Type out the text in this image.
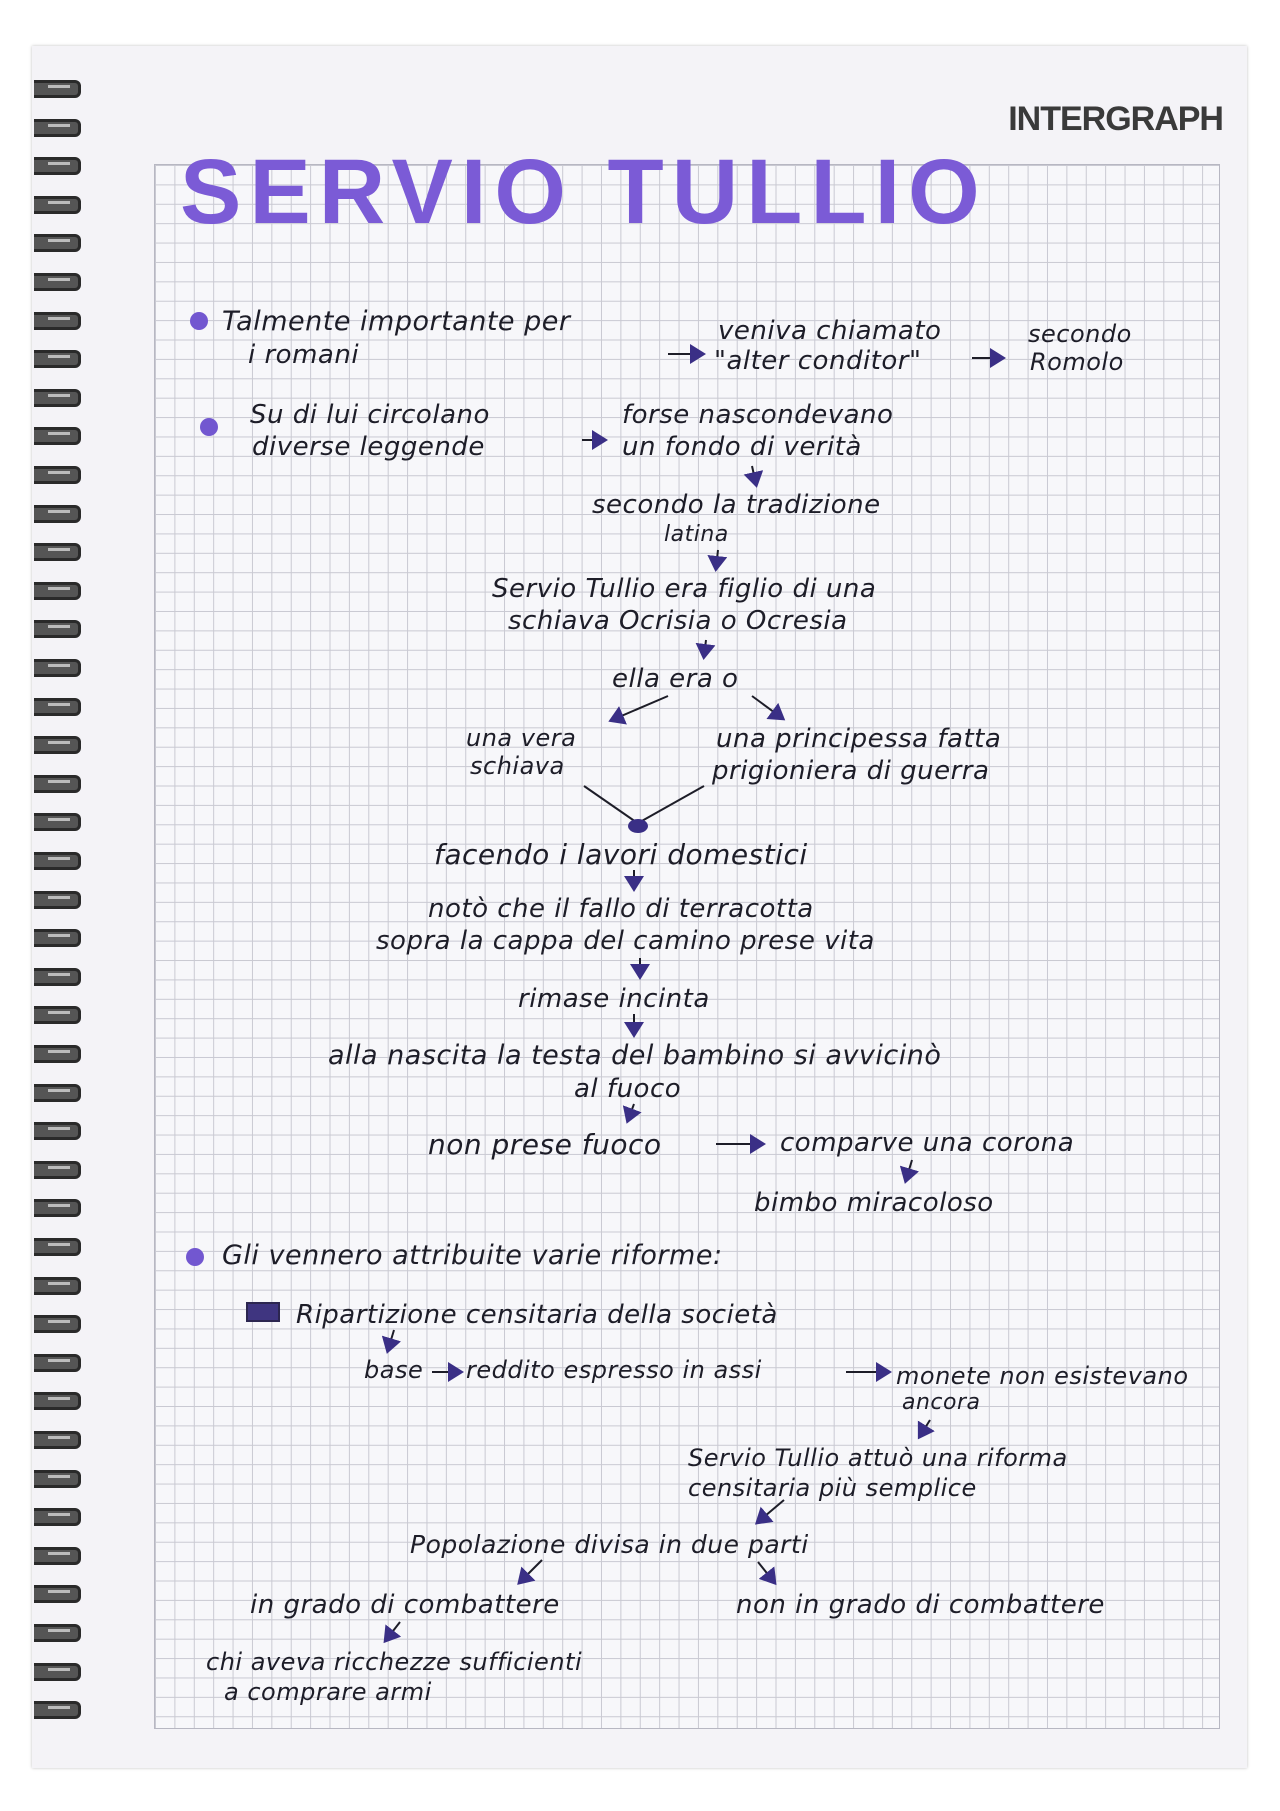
INTERGRAPH
SERVIO TULLIO
Talmente importante per
i romani
veniva chiamato
"alter conditor"
secondo
Romolo
Su di lui circolano
diverse leggende
forse nascondevano
un fondo di verità
secondo la tradizione
latina
Servio Tullio era figlio di una
schiava Ocrisia o Ocresia
ella era o
una vera
schiava
una principessa fatta
prigioniera di guerra
facendo i lavori domestici
notò che il fallo di terracotta
sopra la cappa del camino prese vita
rimase incinta
alla nascita la testa del bambino si avvicinò
al fuoco
non prese fuoco	comparve una corona
bimbo miracoloso
Gli vennero attribuite varie riforme:
Ripartizione censitaria della società
base reddito espresso in assi	monete non esistevano
ancora
Servio Tullio attuò una riforma
censitaria più semplice
Popolazione divisa in due parti
in grado di combattere	non in grado di combattere
chi aveva ricchezze sufficienti
a comprare armi
